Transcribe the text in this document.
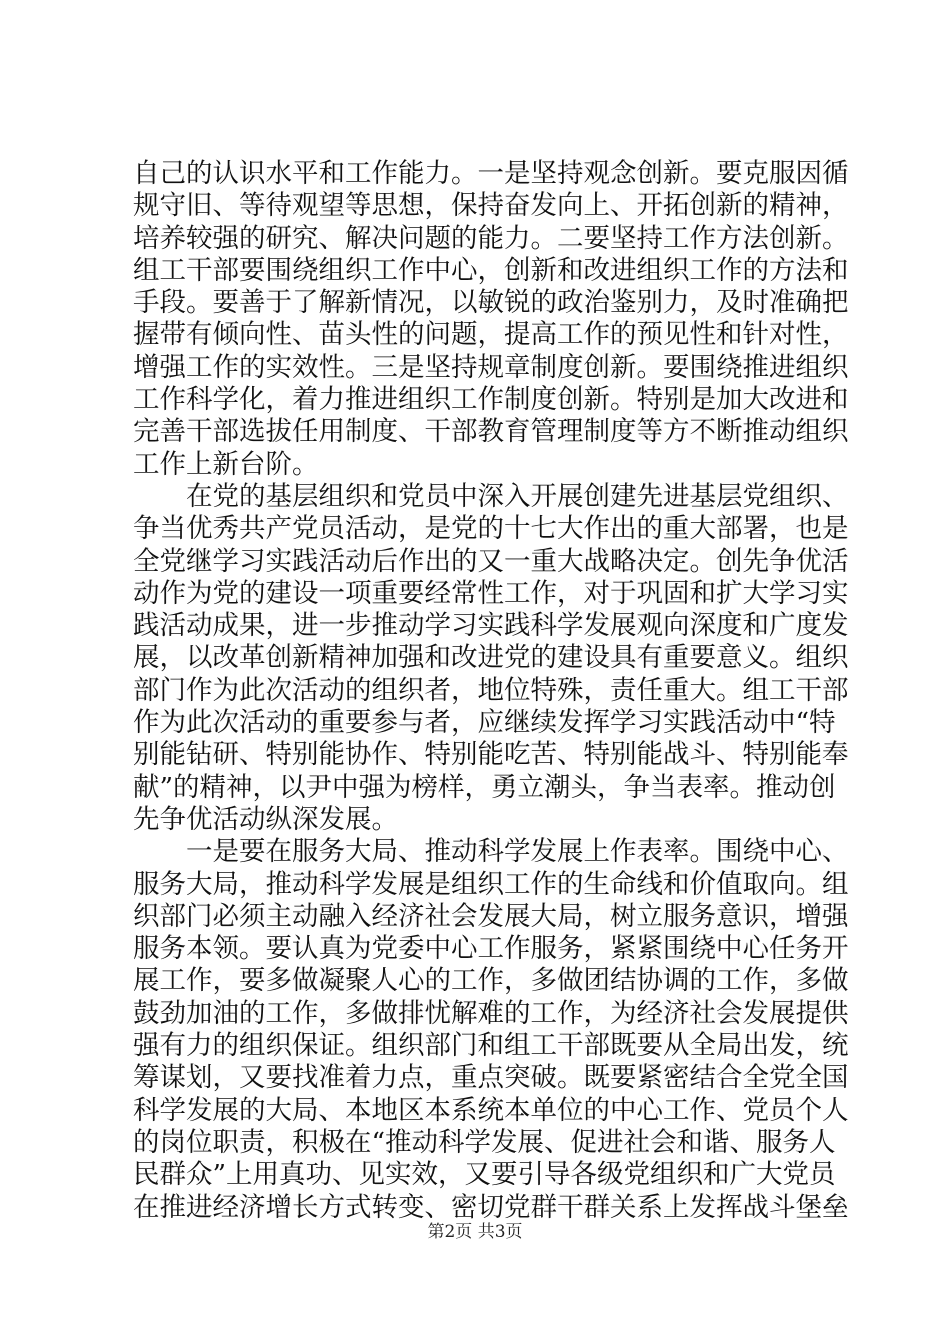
自己的认识水平和工作能力。一是坚持观念创新。要克服因循
规守旧、等待观望等思想，保持奋发向上、开拓创新的精神，
培养较强的研究、解决问题的能力。二要坚持工作方法创新。
组工干部要围绕组织工作中心，创新和改进组织工作的方法和
手段。要善于了解新情况，以敏锐的政治鉴别力，及时准确把
握带有倾向性、苗头性的问题，提高工作的预见性和针对性，
增强工作的实效性。三是坚持规章制度创新。要围绕推进组织
工作科学化，着力推进组织工作制度创新。特别是加大改进和
完善干部选拔任用制度、干部教育管理制度等方不断推动组织
工作上新台阶。
在党的基层组织和党员中深入开展创建先进基层党组织、
争当优秀共产党员活动，是党的十七大作出的重大部署，也是
全党继学习实践活动后作出的又一重大战略决定。创先争优活
动作为党的建设一项重要经常性工作，对于巩固和扩大学习实
践活动成果，进一步推动学习实践科学发展观向深度和广度发
展，以改革创新精神加强和改进党的建设具有重要意义。组织
部门作为此次活动的组织者，地位特殊，责任重大。组工干部
作为此次活动的重要参与者，应继续发挥学习实践活动中“特
别能钻研、特别能协作、特别能吃苦、特别能战斗、特别能奉
献”的精神，以尹中强为榜样，勇立潮头，争当表率。推动创
先争优活动纵深发展。
一是要在服务大局、推动科学发展上作表率。围绕中心、
服务大局，推动科学发展是组织工作的生命线和价值取向。组
织部门必须主动融入经济社会发展大局，树立服务意识，增强
服务本领。要认真为党委中心工作服务，紧紧围绕中心任务开
展工作，要多做凝聚人心的工作，多做团结协调的工作，多做
鼓劲加油的工作，多做排忧解难的工作，为经济社会发展提供
强有力的组织保证。组织部门和组工干部既要从全局出发，统
筹谋划，又要找准着力点，重点突破。既要紧密结合全党全国
科学发展的大局、本地区本系统本单位的中心工作、党员个人
的岗位职责，积极在“推动科学发展、促进社会和谐、服务人
民群众”上用真功、见实效，又要引导各级党组织和广大党员
在推进经济增长方式转变、密切党群干群关系上发挥战斗堡垒
第2页 共3页
